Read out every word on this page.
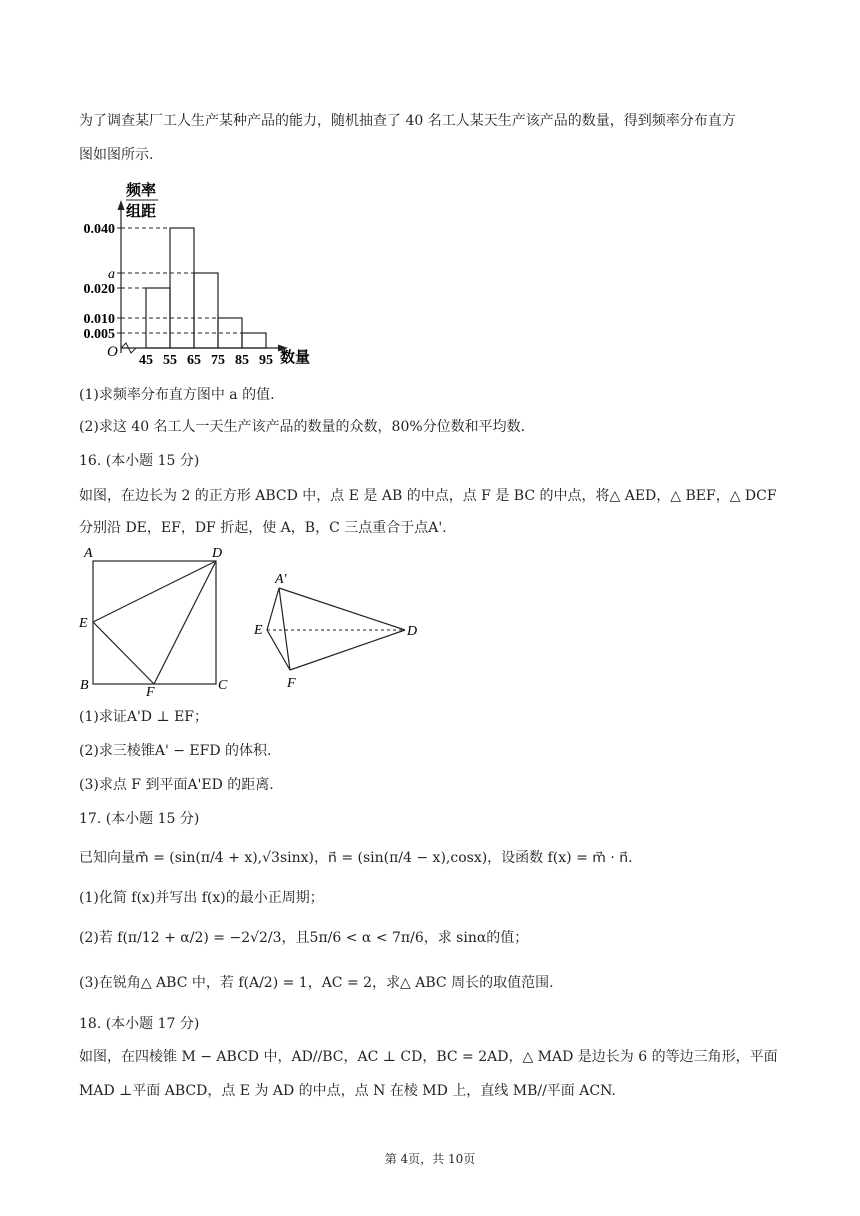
为了调查某厂工人生产某种产品的能力，随机抽查了 40 名工人某天生产该产品的数量，得到频率分布直方
图如图所示.
频率
组距
O	数量
0.040
a
0.020
0.010
0.005
45 55 65 75 85 95
(1)求频率分布直方图中 a 的值.
(2)求这 40 名工人一天生产该产品的数量的众数，80%分位数和平均数.
16. (本小题 15 分)
如图，在边长为 2 的正方形 ABCD 中，点 E 是 AB 的中点，点 F 是 BC 的中点，将△ AED，△ BEF，△ DCF
分别沿 DE，EF，DF 折起，使 A，B，C 三点重合于点A'.
A	D
E
B	F	C
A'
E	D
F
(1)求证A'D ⊥ EF；
(2)求三棱锥A' − EFD 的体积.
(3)求点 F 到平面A'ED 的距离.
17. (本小题 15 分)
已知向量m⃗ = (sin(π/4 + x),√3sinx)，n⃗ = (sin(π/4 − x),cosx)，设函数 f(x) = m⃗ · n⃗.
(1)化简 f(x)并写出 f(x)的最小正周期；
(2)若 f(π/12 + α/2) = −2√2/3，且5π/6 < α < 7π/6，求 sinα的值；
(3)在锐角△ ABC 中，若 f(A/2) = 1，AC = 2，求△ ABC 周长的取值范围.
18. (本小题 17 分)
如图，在四棱锥 M − ABCD 中，AD//BC，AC ⊥ CD，BC = 2AD，△ MAD 是边长为 6 的等边三角形，平面
MAD ⊥平面 ABCD，点 E 为 AD 的中点，点 N 在棱 MD 上，直线 MB//平面 ACN.
第 4页，共 10页
